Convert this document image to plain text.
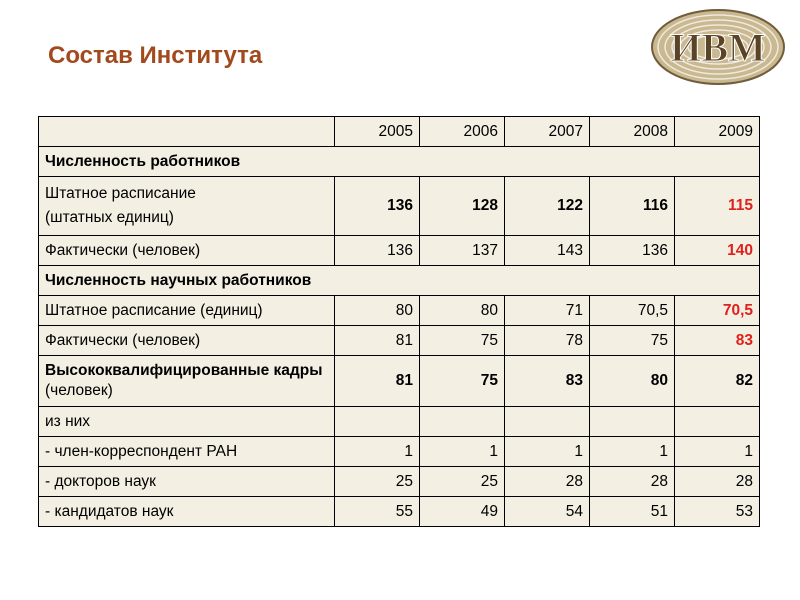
Состав Института	ИВМ
	2005	2006	2007	2008	2009
Численность работников					

Штатное расписание
(штатных единиц)	136	128	122	116	115
Фактически (человек)	136	137	143	136	140
Численность научных работников					
Штатное расписание (единиц)	80	80	71	70,5	70,5
Фактически (человек)	81	75	78	75	83
Высококвалифицированные кадры (человек)	81	75	83	80	82
из них					
- член-корреспондент РАН	1	1	1	1	1
- докторов наук	25	25	28	28	28
- кандидатов наук	55	49	54	51	53
